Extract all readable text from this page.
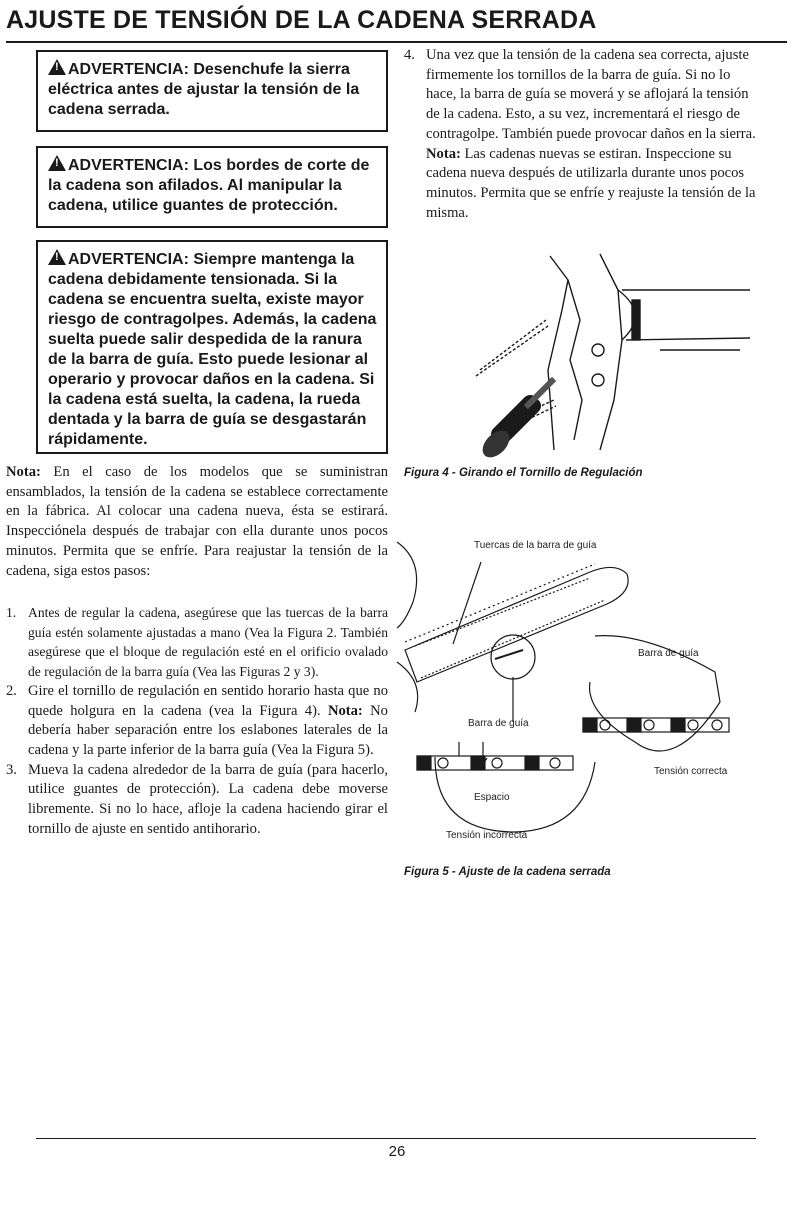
AJUSTE DE TENSIÓN DE LA CADENA SERRADA
!ADVERTENCIA: Desenchufe la sierra eléctrica antes de ajustar la tensión de la cadena serrada.
!ADVERTENCIA: Los bordes de corte de la cadena son afilados. Al manipular la cadena, utilice guantes de protección.
!ADVERTENCIA: Siempre mantenga la cadena debidamente tensionada. Si la cadena se encuentra suelta, existe mayor riesgo de contragolpes. Además, la cadena suelta puede salir despedida de la ranura de la barra de guía. Esto puede lesionar al operario y provocar daños en la cadena. Si la cadena está suelta, la cadena, la rueda dentada y la barra de guía se desgastarán rápidamente.
Nota: En el caso de los modelos que se suministran ensamblados, la tensión de la cadena se establece correctamente en la fábrica. Al colocar una cadena nueva, ésta se estirará. Inspecciónela después de trabajar con ella durante unos pocos minutos. Permita que se enfríe. Para reajustar la tensión de la cadena, siga estos pasos:
1. Antes de regular la cadena, asegúrese que las tuercas de la barra guía estén solamente ajustadas a mano (Vea la Figura 2. También asegúrese que el bloque de regulación esté en el orificio ovalado de regulación de la barra guía (Vea las Figuras 2 y 3).
2. Gire el tornillo de regulación en sentido horario hasta que no quede holgura en la cadena (vea la Figura 4). Nota: No debería haber separación entre los eslabones laterales de la cadena y la parte inferior de la barra guía (Vea la Figura 5).
3. Mueva la cadena alrededor de la barra de guía (para hacerlo, utilice guantes de protección). La cadena debe moverse libremente. Si no lo hace, afloje la cadena haciendo girar el tornillo de ajuste en sentido antihorario.
4. Una vez que la tensión de la cadena sea correcta, ajuste firmemente los tornillos de la barra de guía. Si no lo hace, la barra de guía se moverá y se aflojará la tensión de la cadena. Esto, a su vez, incrementará el riesgo de contragolpe. También puede provocar daños en la sierra. Nota: Las cadenas nuevas se estiran. Inspeccione su cadena nueva después de utilizarla durante unos pocos minutos. Permita que se enfríe y reajuste la tensión de la misma.
Figura 4 - Girando el Tornillo de Regulación
Tuercas de la barra de guía
Barra de guía
Barra de guía
Tensión correcta
Espacio
Tensión incorrecta
Figura 5 - Ajuste de la cadena serrada
26
